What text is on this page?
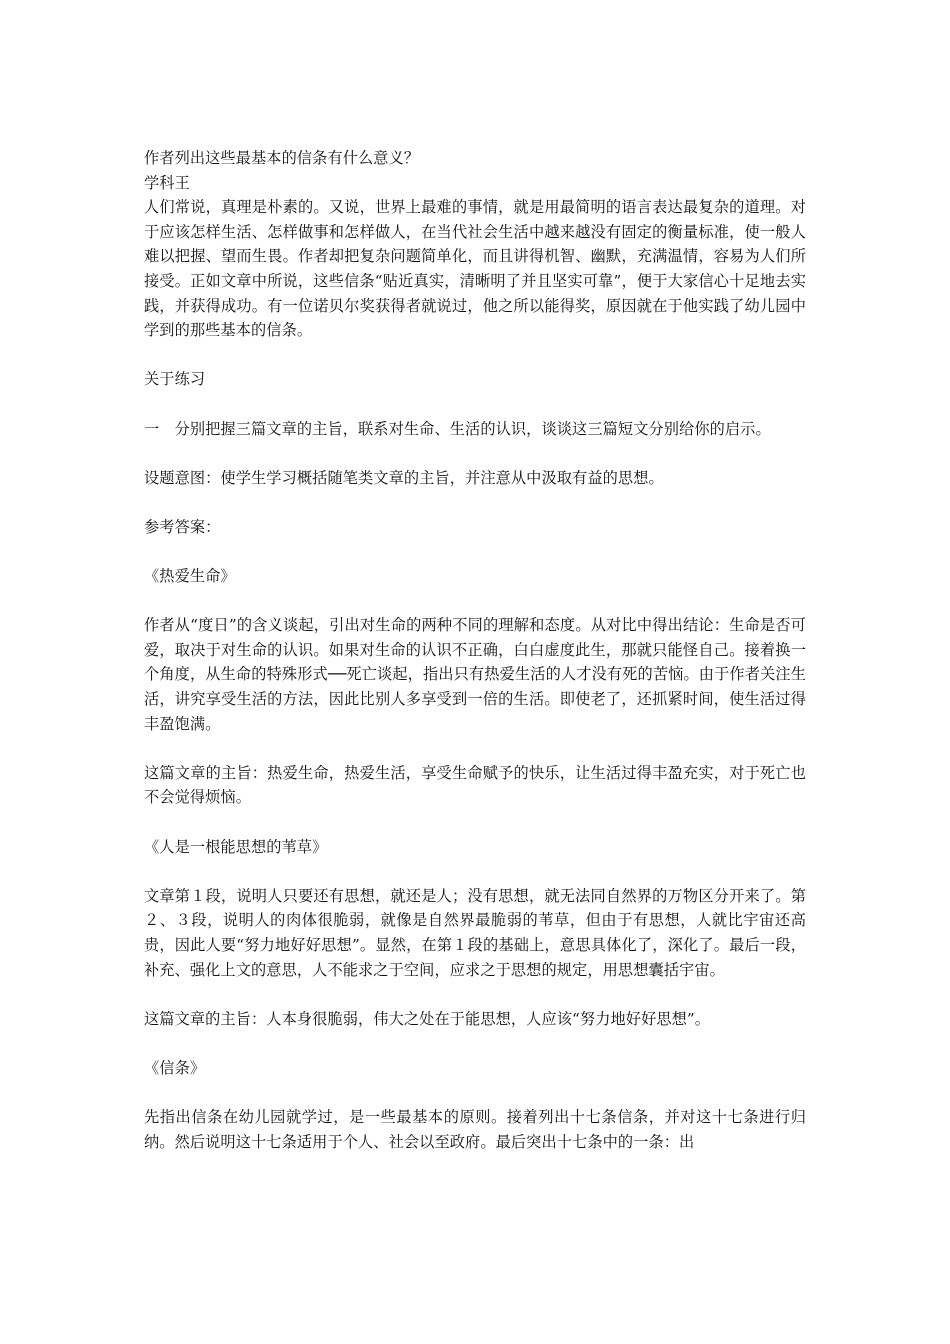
作者列出这些最基本的信条有什么意义？
学科王
人们常说，真理是朴素的。又说，世界上最难的事情，就是用最简明的语言表达最复杂的道理。对于应该怎样生活、怎样做事和怎样做人，在当代社会生活中越来越没有固定的衡量标准，使一般人难以把握、望而生畏。作者却把复杂问题简单化，而且讲得机智、幽默，充满温情，容易为人们所接受。正如文章中所说，这些信条“贴近真实，清晰明了并且坚实可靠”，便于大家信心十足地去实践，并获得成功。有一位诺贝尔奖获得者就说过，他之所以能得奖，原因就在于他实践了幼儿园中学到的那些基本的信条。
关于练习
一　分别把握三篇文章的主旨，联系对生命、生活的认识，谈谈这三篇短文分别给你的启示。
设题意图：使学生学习概括随笔类文章的主旨，并注意从中汲取有益的思想。
参考答案：
《热爱生命》
作者从“度日”的含义谈起，引出对生命的两种不同的理解和态度。从对比中得出结论：生命是否可爱，取决于对生命的认识。如果对生命的认识不正确，白白虚度此生，那就只能怪自己。接着换一个角度，从生命的特殊形式──死亡谈起，指出只有热爱生活的人才没有死的苦恼。由于作者关注生活，讲究享受生活的方法，因此比别人多享受到一倍的生活。即使老了，还抓紧时间，使生活过得丰盈饱满。
这篇文章的主旨：热爱生命，热爱生活，享受生命赋予的快乐，让生活过得丰盈充实，对于死亡也不会觉得烦恼。
《人是一根能思想的苇草》
文章第１段，说明人只要还有思想，就还是人；没有思想，就无法同自然界的万物区分开来了。第２、３段，说明人的肉体很脆弱，就像是自然界最脆弱的苇草，但由于有思想，人就比宇宙还高贵，因此人要“努力地好好思想”。显然，在第１段的基础上，意思具体化了，深化了。最后一段，补充、强化上文的意思，人不能求之于空间，应求之于思想的规定，用思想囊括宇宙。
这篇文章的主旨：人本身很脆弱，伟大之处在于能思想，人应该“努力地好好思想”。
《信条》
先指出信条在幼儿园就学过，是一些最基本的原则。接着列出十七条信条，并对这十七条进行归纳。然后说明这十七条适用于个人、社会以至政府。最后突出十七条中的一条：出
